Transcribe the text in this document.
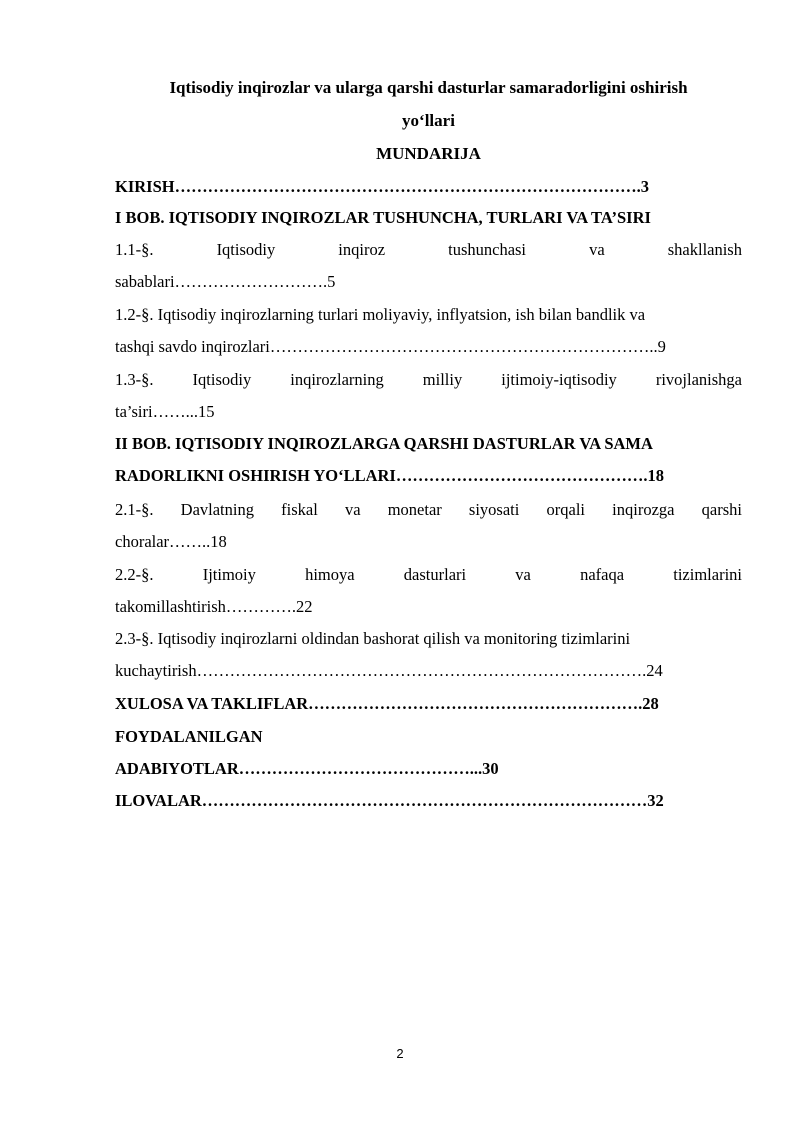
Iqtisodiy inqirozlar va ularga qarshi dasturlar samaradorligini oshirish
yo‘llari
MUNDARIJA
KIRISH………………………………………………………………………….3
I BOB. IQTISODIY INQIROZLAR TUSHUNCHA, TURLARI VA TA’SIRI
1.1-§.	Iqtisodiy	inqiroz	tushunchasi	va	shakllanish
sabablari……………………….5
1.2-§. Iqtisodiy inqirozlarning turlari moliyaviy, inflyatsion, ish bilan bandlik va
tashqi savdo inqirozlari……………………………………………………………..9
1.3-§. Iqtisodiy inqirozlarning milliy ijtimoiy-iqtisodiy rivojlanishga
ta’siri……...15
II BOB. IQTISODIY INQIROZLARGA QARSHI DASTURLAR VA SAMA
RADORLIKNI OSHIRISH YO‘LLARI……………………………………….18
2.1-§. Davlatning fiskal va monetar siyosati orqali inqirozga qarshi
choralar……..18
2.2-§.	Ijtimoiy	himoya	dasturlari	va	nafaqa	tizimlarini
takomillashtirish………….22
2.3-§. Iqtisodiy inqirozlarni oldindan bashorat qilish va monitoring tizimlarini
kuchaytirish……………………………………………………………………….24
XULOSA VA TAKLIFLAR…………………………………………………….28
FOYDALANILGAN
ADABIYOTLAR……………………………………...30
ILOVALAR………………………………………………………………………32
2
